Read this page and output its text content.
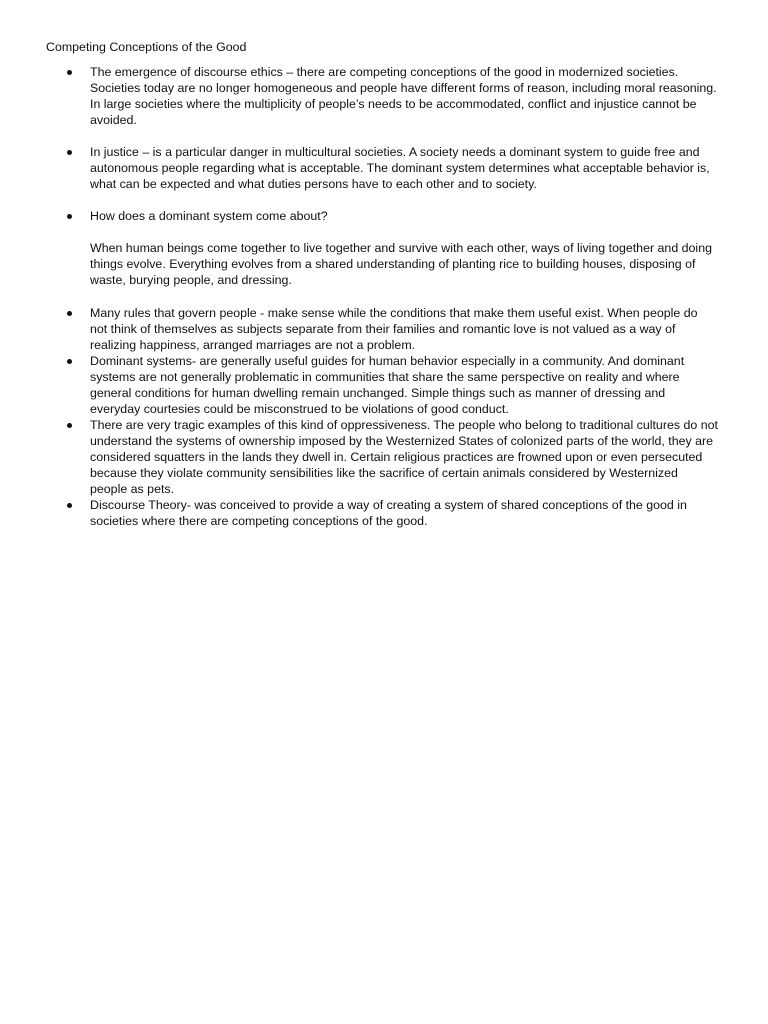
Competing Conceptions of the Good

The emergence of discourse ethics – there are competing conceptions of the good in modernized societies. Societies today are no longer homogeneous and people have different forms of reason, including moral reasoning. In large societies where the multiplicity of people’s needs to be accommodated, conflict and injustice cannot be avoided.

In justice – is a particular danger in multicultural societies. A society needs a dominant system to guide free and autonomous people regarding what is acceptable. The dominant system determines what acceptable behavior is, what can be expected and what duties persons have to each other and to society.

How does a dominant system come about?

When human beings come together to live together and survive with each other, ways of living together and doing things evolve. Everything evolves from a shared understanding of planting rice to building houses, disposing of waste, burying people, and dressing.

Many rules that govern people - make sense while the conditions that make them useful exist. When people do not think of themselves as subjects separate from their families and romantic love is not valued as a way of realizing happiness, arranged marriages are not a problem.

Dominant systems- are generally useful guides for human behavior especially in a community. And dominant systems are not generally problematic in communities that share the same perspective on reality and where general conditions for human dwelling remain unchanged. Simple things such as manner of dressing and everyday courtesies could be misconstrued to be violations of good conduct.

There are very tragic examples of this kind of oppressiveness. The people who belong to traditional cultures do not understand the systems of ownership imposed by the Westernized States of colonized parts of the world, they are considered squatters in the lands they dwell in. Certain religious practices are frowned upon or even persecuted because they violate community sensibilities like the sacrifice of certain animals considered by Westernized people as pets.

Discourse Theory- was conceived to provide a way of creating a system of shared conceptions of the good in societies where there are competing conceptions of the good.
